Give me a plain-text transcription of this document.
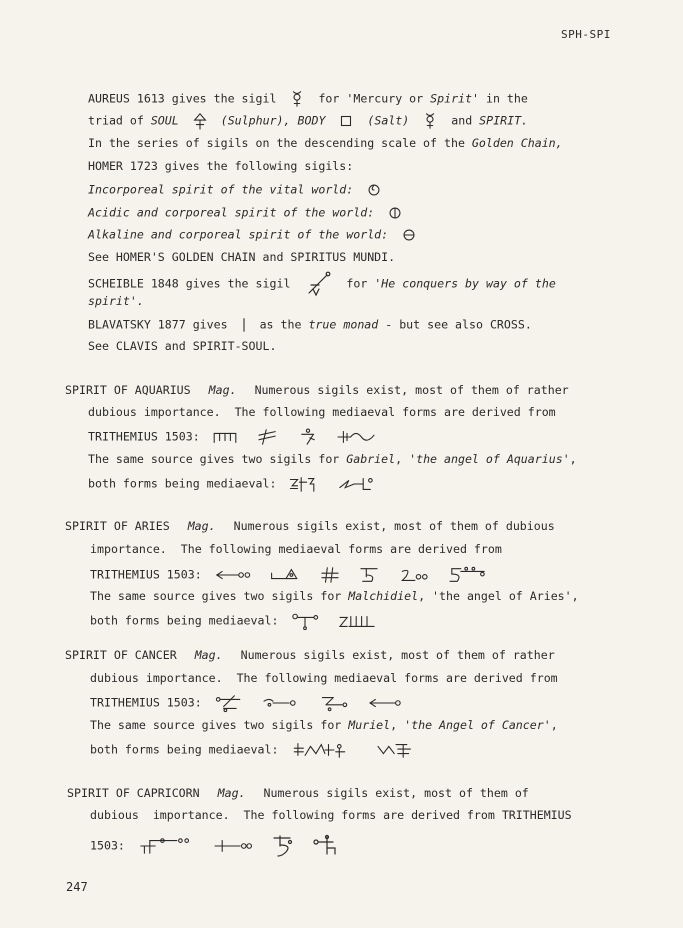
SPH-SPI
AUREUS 1613 gives the sigil	for 'Mercury or Spirit' in the
triad of SOUL	(Sulphur), BODY	(Salt)	and SPIRIT.
In the series of sigils on the descending scale of the Golden Chain,
HOMER 1723 gives the following sigils:
Incorporeal spirit of the vital world:
Acidic and corporeal spirit of the world:
Alkaline and corporeal spirit of the world:
See HOMER'S GOLDEN CHAIN and SPIRITUS MUNDI.
SCHEIBLE 1848 gives the sigil	for 'He conquers by way of the
spirit'.
BLAVATSKY 1877 gives	as the true monad - but see also CROSS.
See CLAVIS and SPIRIT-SOUL.
SPIRIT OF AQUARIUS Mag. Numerous sigils exist, most of them of rather
dubious importance.  The following mediaeval forms are derived from
TRITHEMIUS 1503:
The same source gives two sigils for Gabriel, 'the angel of Aquarius',
both forms being mediaeval:
SPIRIT OF ARIES Mag. Numerous sigils exist, most of them of dubious
importance.  The following mediaeval forms are derived from
TRITHEMIUS 1503:
The same source gives two sigils for Malchidiel, 'the angel of Aries',
both forms being mediaeval:
SPIRIT OF CANCER Mag. Numerous sigils exist, most of them of rather
dubious importance.  The following mediaeval forms are derived from
TRITHEMIUS 1503:
The same source gives two sigils for Muriel, 'the Angel of Cancer',
both forms being mediaeval:
SPIRIT OF CAPRICORN Mag. Numerous sigils exist, most of them of
dubious  importance.  The following forms are derived from TRITHEMIUS
1503:
247
